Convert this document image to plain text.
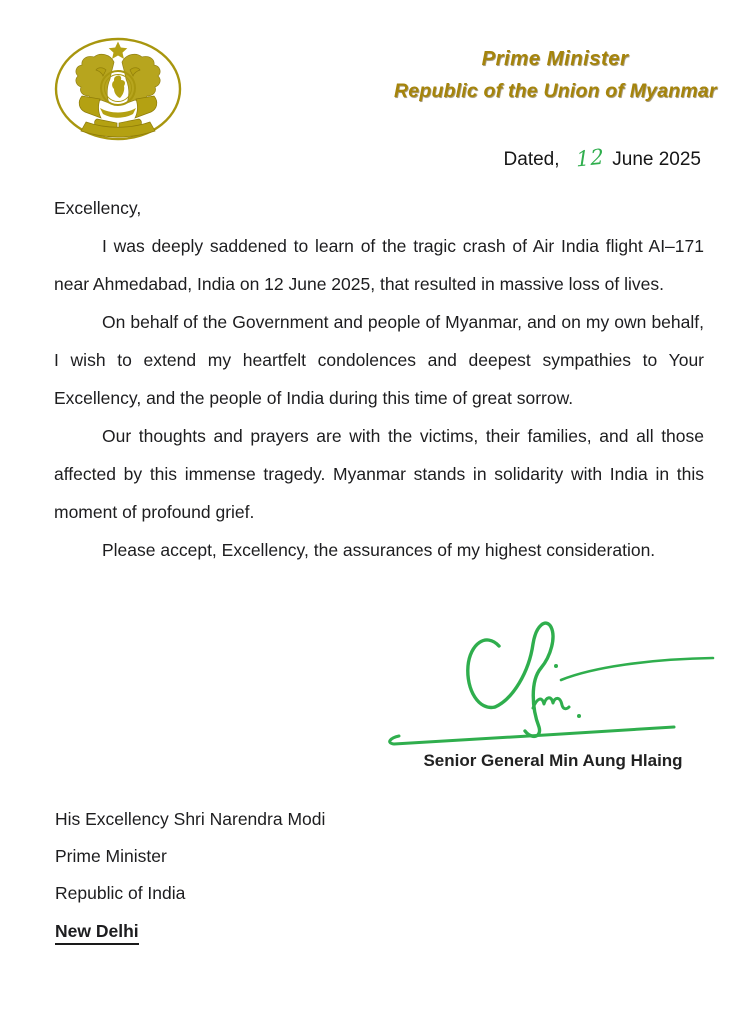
Prime Minister
Republic of the Union of Myanmar
Dated, 12 June 2025

Excellency,

I was deeply saddened to learn of the tragic crash of Air India flight AI–171 near Ahmedabad, India on 12 June 2025, that resulted in massive loss of lives.

On behalf of the Government and people of Myanmar, and on my own behalf, I wish to extend my heartfelt condolences and deepest sympathies to Your Excellency, and the people of India during this time of great sorrow.

Our thoughts and prayers are with the victims, their families, and all those affected by this immense tragedy. Myanmar stands in solidarity with India in this moment of profound grief.

Please accept, Excellency, the assurances of my highest consideration.

Senior General Min Aung Hlaing
His Excellency Shri Narendra Modi
Prime Minister
Republic of India
New Delhi
